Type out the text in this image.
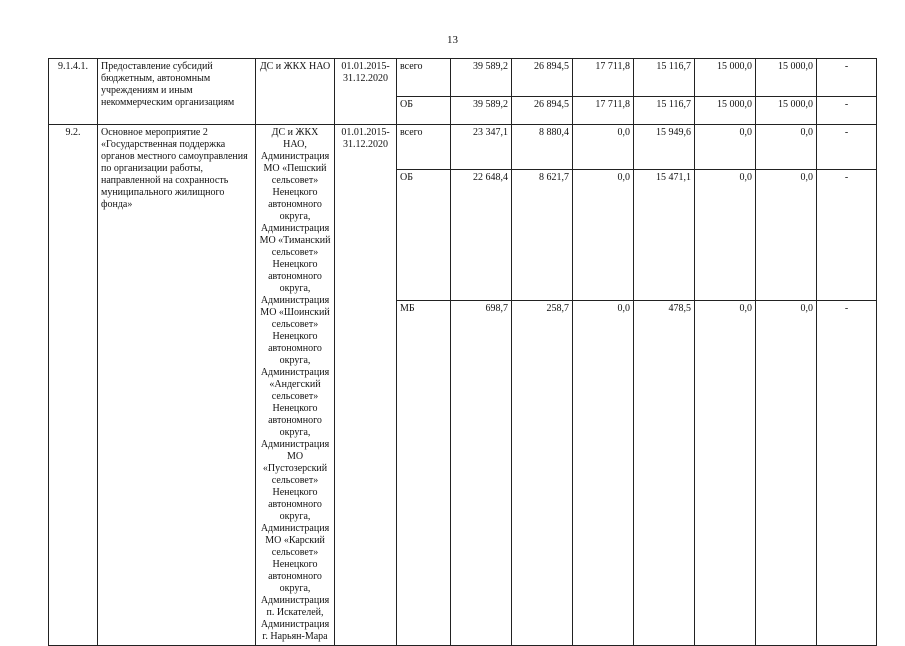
13
9.1.4.1.	Предоставление субсидий бюджетным, автономным учреждениям и иным некоммерческим организациям	ДС и ЖКХ НАО	01.01.2015-31.12.2020	всего	39 589,2	26 894,5	17 711,8	15 116,7	15 000,0	15 000,0	-
				ОБ	39 589,2	26 894,5	17 711,8	15 116,7	15 000,0	15 000,0	-
9.2.	Основное мероприятие 2 «Государственная поддержка органов местного самоуправления по организации работы, направленной на сохранность муниципального жилищного фонда»	ДС и ЖКХ НАО, Администрация МО «Пешский сельсовет» Ненецкого автономного округа, Администрация МО «Тиманский сельсовет» Ненецкого автономного округа, Администрация МО «Шоинский сельсовет» Ненецкого автономного округа, Администрация «Андегский сельсовет» Ненецкого автономного округа, Администрация МО «Пустозерский сельсовет» Ненецкого автономного округа, Администрация МО «Карский сельсовет» Ненецкого автономного округа, Администрация п. Искателей, Администрация г. Нарьян-Мара	01.01.2015-31.12.2020	всего	23 347,1	8 880,4	0,0	15 949,6	0,0	0,0	-
				ОБ	22 648,4	8 621,7	0,0	15 471,1	0,0	0,0	-
				МБ	698,7	258,7	0,0	478,5	0,0	0,0	-
